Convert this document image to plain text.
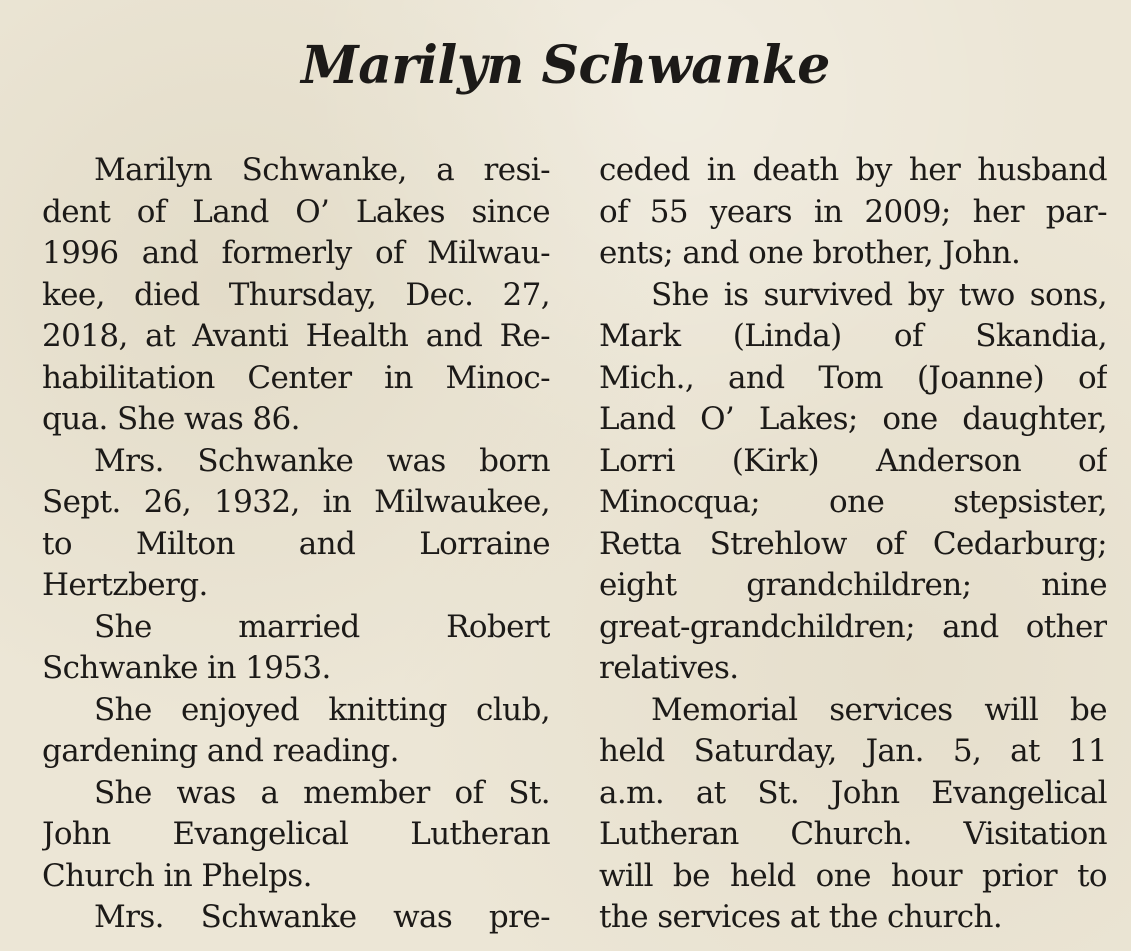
Marilyn Schwanke
Marilyn Schwanke, a resi-
dent of Land O’ Lakes since
1996 and formerly of Milwau-
kee, died Thursday, Dec. 27,
2018, at Avanti Health and Re-
habilitation Center in Minoc-
qua. She was 86.
Mrs. Schwanke was born
Sept. 26, 1932, in Milwaukee,
to Milton and Lorraine
Hertzberg.
She married Robert
Schwanke in 1953.
She enjoyed knitting club,
gardening and reading.
She was a member of St.
John Evangelical Lutheran
Church in Phelps.
Mrs. Schwanke was pre-
ceded in death by her husband
of 55 years in 2009; her par-
ents; and one brother, John.
She is survived by two sons,
Mark (Linda) of Skandia,
Mich., and Tom (Joanne) of
Land O’ Lakes; one daughter,
Lorri (Kirk) Anderson of
Minocqua; one stepsister,
Retta Strehlow of Cedarburg;
eight grandchildren; nine
great-grandchildren; and other
relatives.
Memorial services will be
held Saturday, Jan. 5, at 11
a.m. at St. John Evangelical
Lutheran Church. Visitation
will be held one hour prior to
the services at the church.
